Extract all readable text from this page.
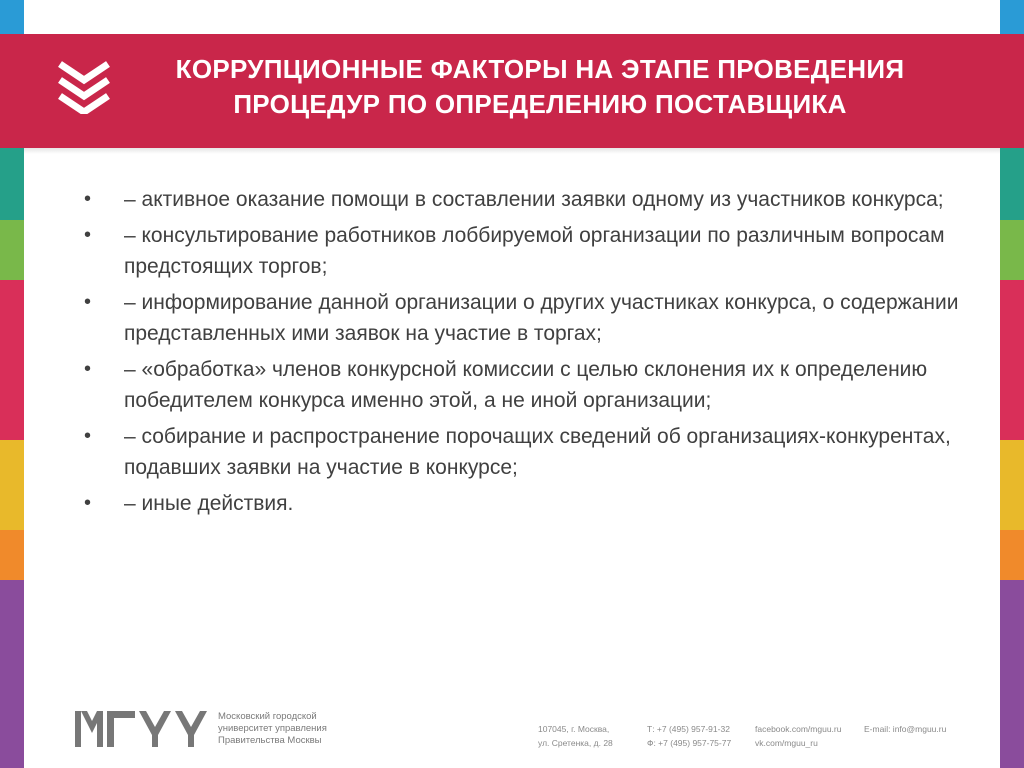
КОРРУПЦИОННЫЕ ФАКТОРЫ НА ЭТАПЕ ПРОВЕДЕНИЯ
ПРОЦЕДУР ПО ОПРЕДЕЛЕНИЮ ПОСТАВЩИКА
• – активное оказание помощи в составлении заявки одному из участников конкурса;
• – консультирование работников лоббируемой организации по различным вопросам предстоящих торгов;
• – информирование данной организации о других участниках конкурса, о содержании представленных ими заявок на участие в торгах;
• – «обработка» членов конкурсной комиссии с целью склонения их к определению победителем конкурса именно этой, а не иной организации;
• – собирание и распространение порочащих сведений об организациях-конкурентах, подавших заявки на участие в конкурсе;
• – иные действия.
Московский городской
университет управления
Правительства Москвы
107045, г. Москва,
ул. Сретенка, д. 28
Т: +7 (495) 957-91-32
Ф: +7 (495) 957-75-77
facebook.com/mguu.ru
vk.com/mguu_ru
E-mail: info@mguu.ru
